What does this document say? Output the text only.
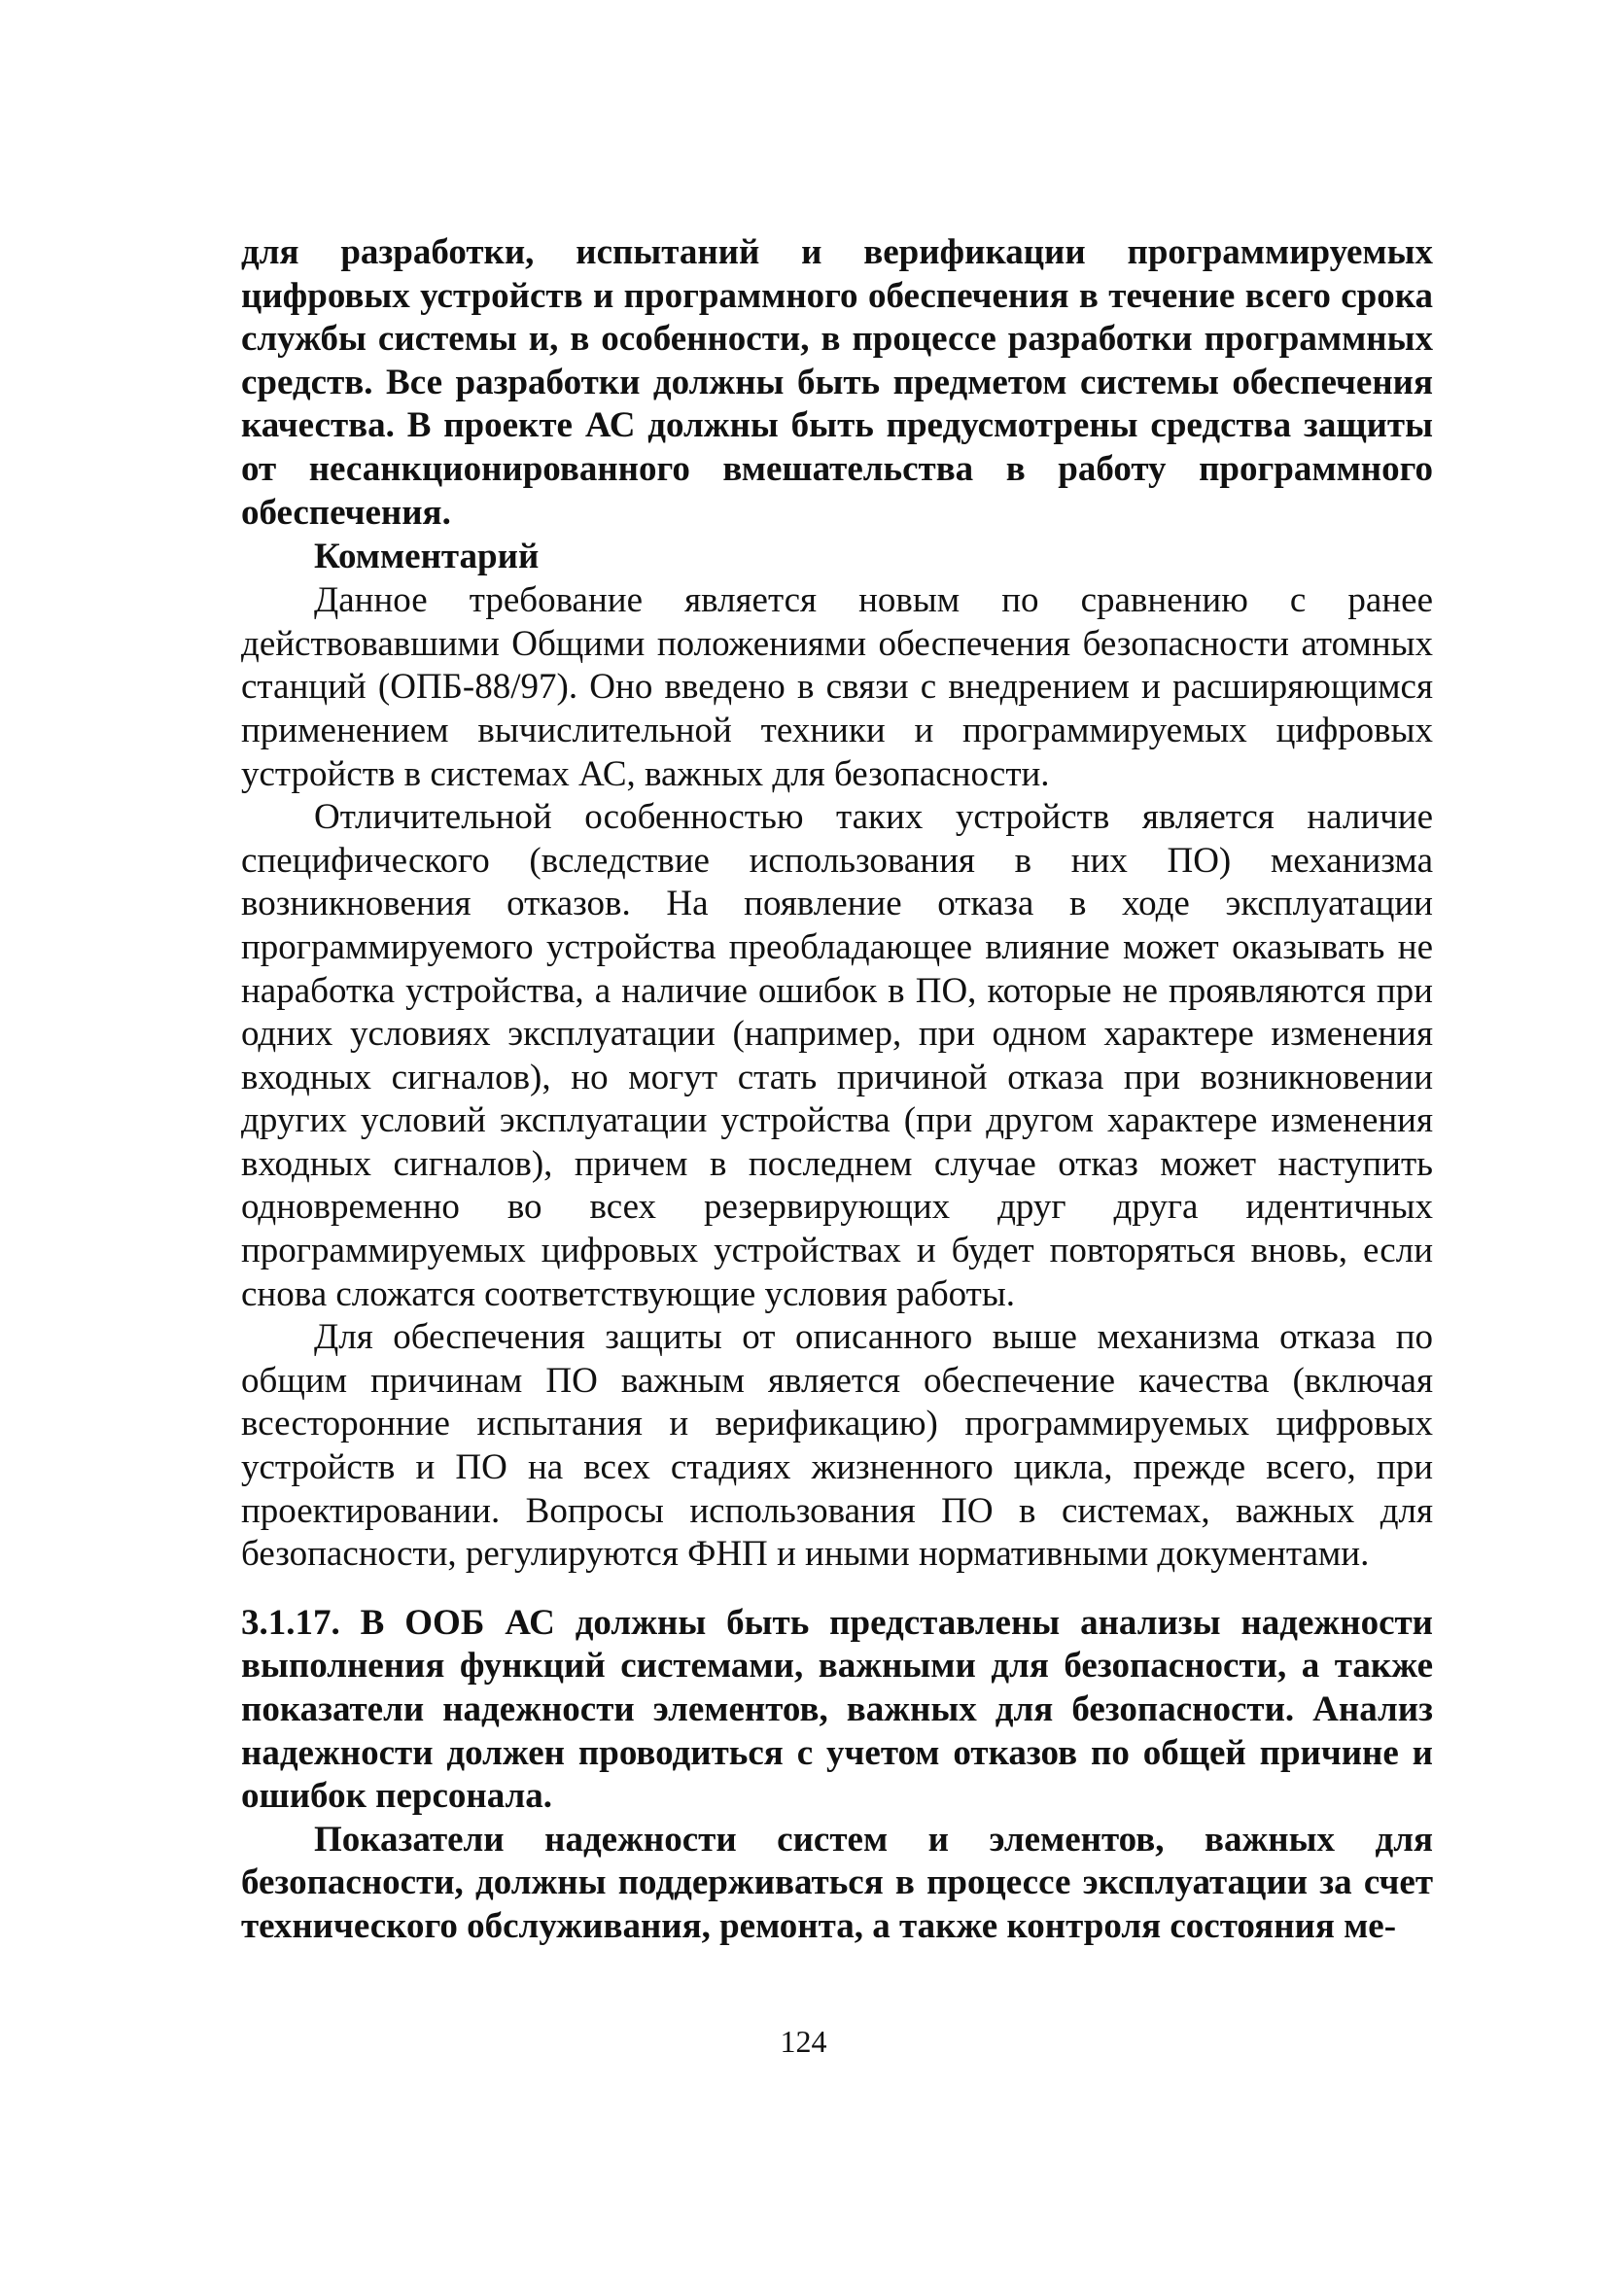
для разработки, испытаний и верификации программируемых цифровых устройств и программного обеспечения в течение всего срока службы системы и, в особенности, в процессе разработки программных средств. Все разработки должны быть предметом системы обеспечения качества. В проекте АС должны быть предусмотрены средства защиты от несанкционированного вмешательства в работу программного обеспечения.

Комментарий

Данное требование является новым по сравнению с ранее действовавшими Общими положениями обеспечения безопасности атомных станций (ОПБ-88/97). Оно введено в связи с внедрением и расширяющимся применением вычислительной техники и программируемых цифровых устройств в системах АС, важных для безопасности.

Отличительной особенностью таких устройств является наличие специфического (вследствие использования в них ПО) механизма возникновения отказов. На появление отказа в ходе эксплуатации программируемого устройства преобладающее влияние может оказывать не наработка устройства, а наличие ошибок в ПО, которые не проявляются при одних условиях эксплуатации (например, при одном характере изменения входных сигналов), но могут стать причиной отказа при возникновении других условий эксплуатации устройства (при другом характере изменения входных сигналов), причем в последнем случае отказ может наступить одновременно во всех резервирующих друг друга идентичных программируемых цифровых устройствах и будет повторяться вновь, если снова сложатся соответствующие условия работы.

Для обеспечения защиты от описанного выше механизма отказа по общим причинам ПО важным является обеспечение качества (включая всесторонние испытания и верификацию) программируемых цифровых устройств и ПО на всех стадиях жизненного цикла, прежде всего, при проектировании. Вопросы использования ПО в системах, важных для безопасности, регулируются ФНП и иными нормативными документами.

3.1.17. В ООБ АС должны быть представлены анализы надежности выполнения функций системами, важными для безопасности, а также показатели надежности элементов, важных для безопасности. Анализ надежности должен проводиться с учетом отказов по общей причине и ошибок персонала.

Показатели надежности систем и элементов, важных для безопасности, должны поддерживаться в процессе эксплуатации за счет технического обслуживания, ремонта, а также контроля состояния ме-

124
